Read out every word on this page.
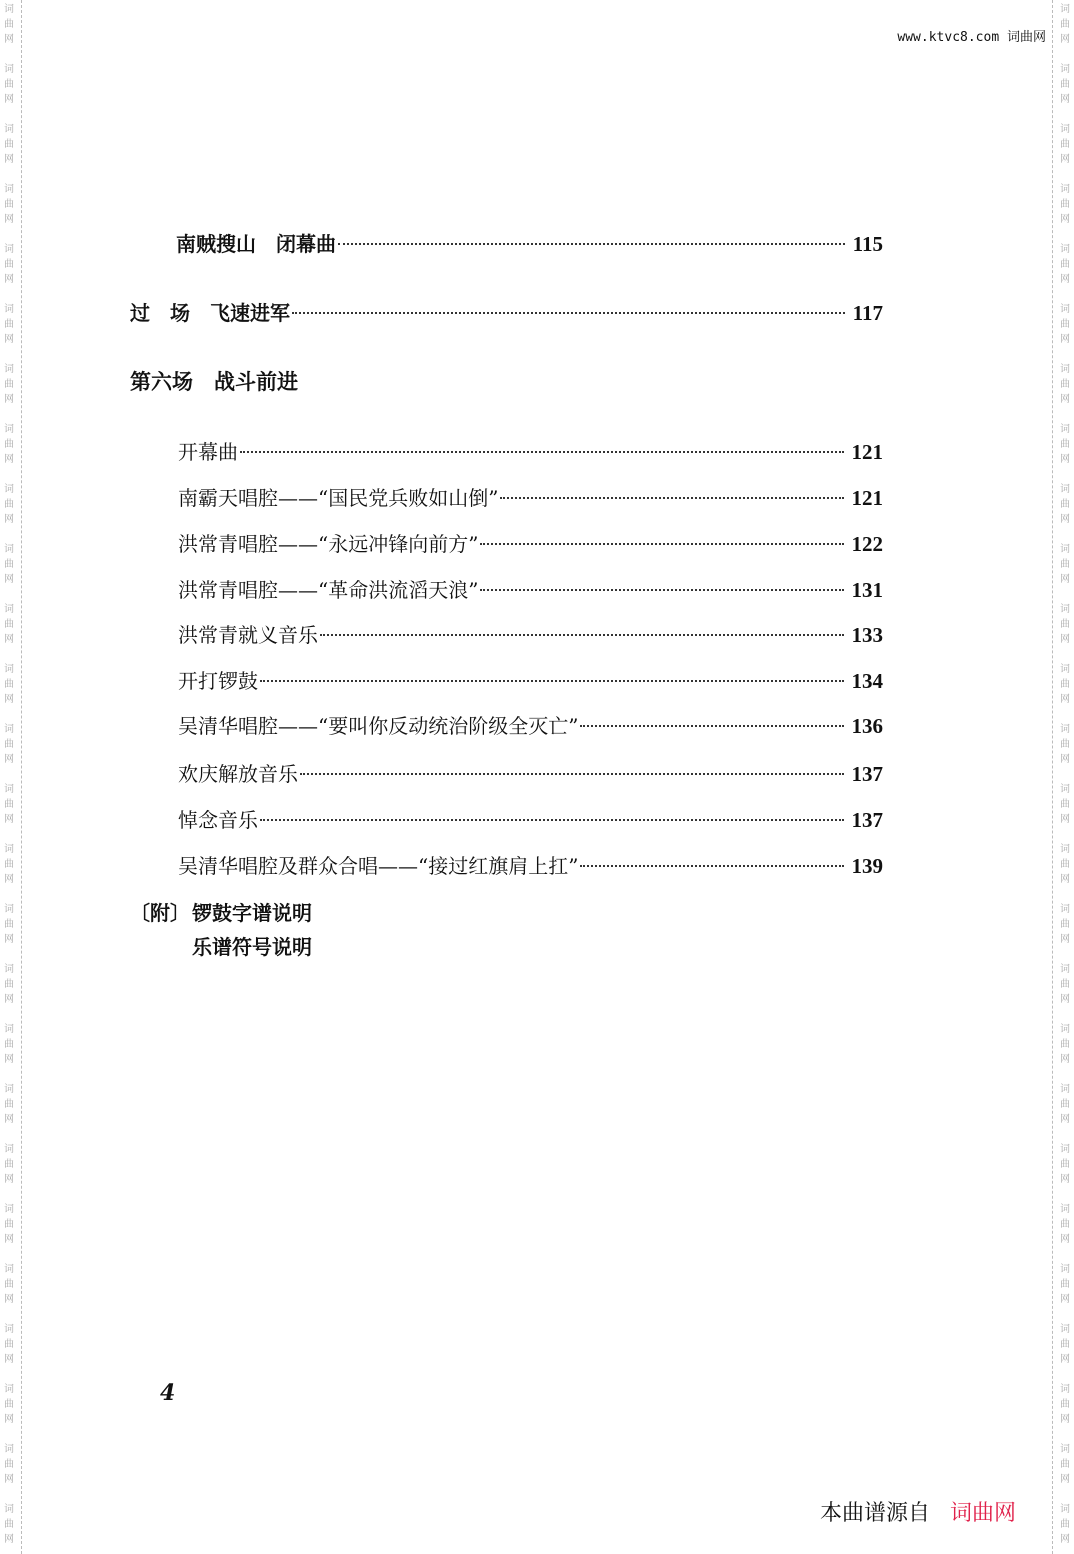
词
曲
网
词
曲
网
词
曲
网
词
曲
网
词
曲
网
词
曲
网
词
曲
网
词
曲
网
词
曲
网
词
曲
网
词
曲
网
词
曲
网
词
曲
网
词
曲
网
词
曲
网
词
曲
网
词
曲
网
词
曲
网
词
曲
网
词
曲
网
词
曲
网
词
曲
网
词
曲
网
词
曲
网
词
曲
网
词
曲
网
词
曲
网
词
曲
网
词
曲
网
词
曲
网
词
曲
网
词
曲
网
词
曲
网
词
曲
网
词
曲
网
词
曲
网
词
曲
网
词
曲
网
词
曲
网
词
曲
网
词
曲
网
词
曲
网
词
曲
网
词
曲
网
词
曲
网
词
曲
网
词
曲
网
词
曲
网
词
曲
网
词
曲
网
词
曲
网
词
曲
网
www.ktvc8.com 词曲网
南贼搜山　闭幕曲	115
过　场　飞速进军	117
第六场　战斗前进
开幕曲	121
南霸天唱腔——“国民党兵败如山倒”	121
洪常青唱腔——“永远冲锋向前方”	122
洪常青唱腔——“革命洪流滔天浪”	131
洪常青就义音乐	133
开打锣鼓	134
吴清华唱腔——“要叫你反动统治阶级全灭亡”	136
欢庆解放音乐	137
悼念音乐	137
吴清华唱腔及群众合唱——“接过红旗肩上扛”	139
〔附〕 锣鼓字谱说明
乐谱符号说明
4
本曲谱源自 词曲网
